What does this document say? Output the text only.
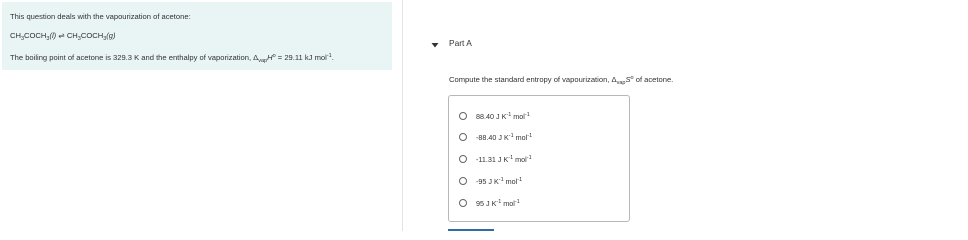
This question deals with the vapourization of acetone:
$CH_3COCH_3(l)$ ⇌ $CH_3COCH_3(g)$
The boiling point of acetone is 329.3 K and the enthalpy of vaporization, $\Delta_{vap}H^o = 29.11$ kJ mol$^{-1}$.
Part A
Compute the standard entropy of vapourization, $\Delta_{vap}S^o$ of acetone.
88.40 J $K^{-1}$ mol$^{-1}$
-88.40 J $K^{-1}$ mol$^{-1}$
-11.31 J $K^{-1}$ mol$^{-1}$
-95 J $K^{-1}$ mol$^{-1}$
95 J $K^{-1}$ mol$^{-1}$
